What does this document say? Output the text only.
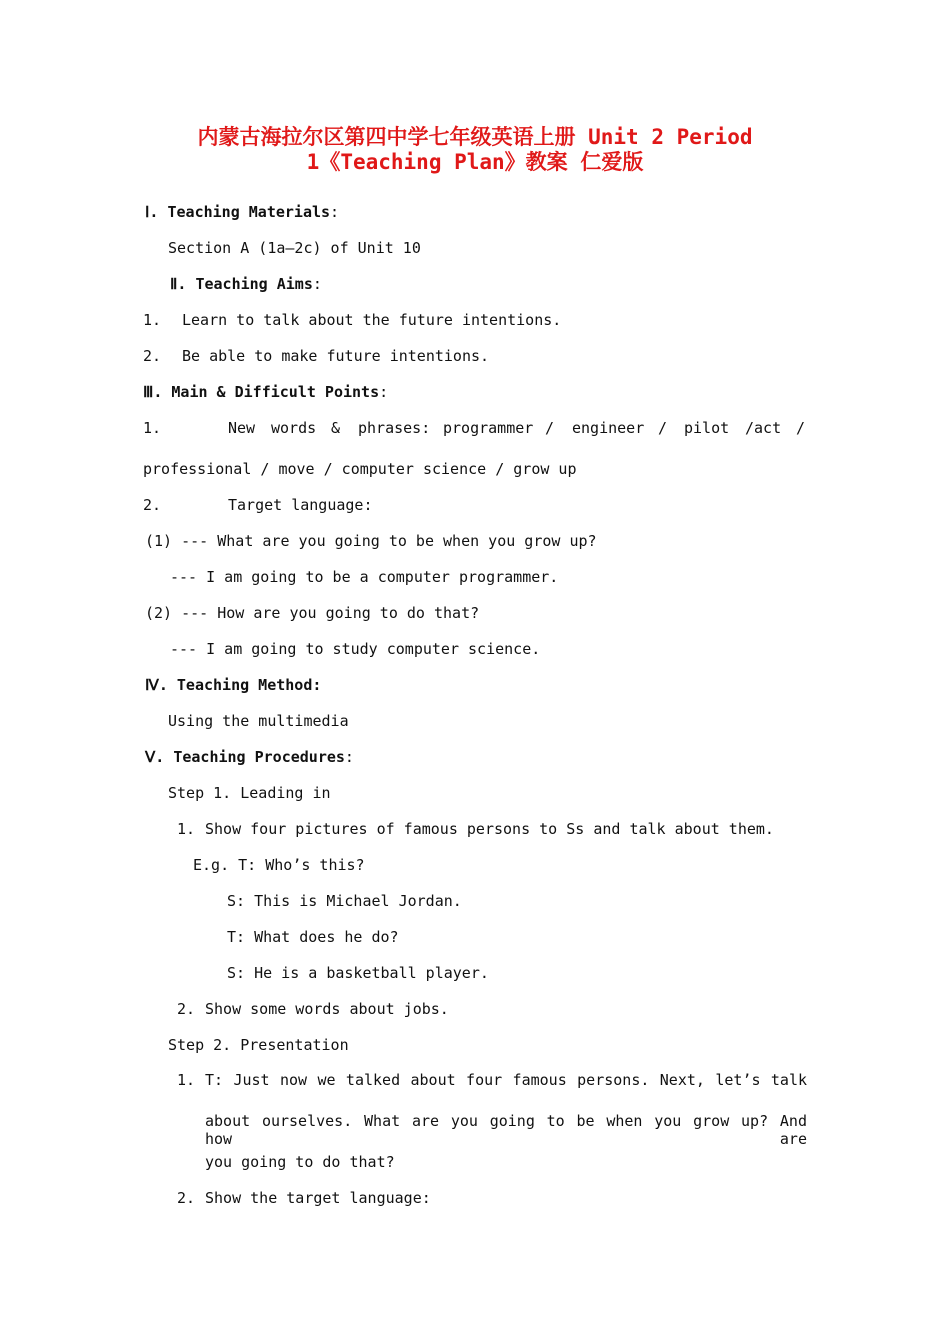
内蒙古海拉尔区第四中学七年级英语上册 Unit 2 Period
1《Teaching Plan》教案 仁爱版
Ⅰ. Teaching Materials:
Section A (1a—2c) of Unit 10
Ⅱ. Teaching Aims:
1. Learn to talk about the future intentions.
2. Be able to make future intentions.
Ⅲ. Main & Difficult Points:
1.	New words & phrases: programmer / engineer / pilot /act /
professional / move / computer science / grow up
2.	Target language:
(1) --- What are you going to be when you grow up?
--- I am going to be a computer programmer.
(2) --- How are you going to do that?
--- I am going to study computer science.
Ⅳ. Teaching Method:
Using the multimedia
Ⅴ. Teaching Procedures:
Step 1. Leading in
1. Show four pictures of famous persons to Ss and talk about them.
E.g. T: Who’s this?
S: This is Michael Jordan.
T: What does he do?
S: He is a basketball player.
2. Show some words about jobs.
Step 2. Presentation
1. T: Just now we talked about four famous persons. Next, let’s talk
about ourselves. What are you going to be when you grow up? And how are
you going to do that?
2. Show the target language:
